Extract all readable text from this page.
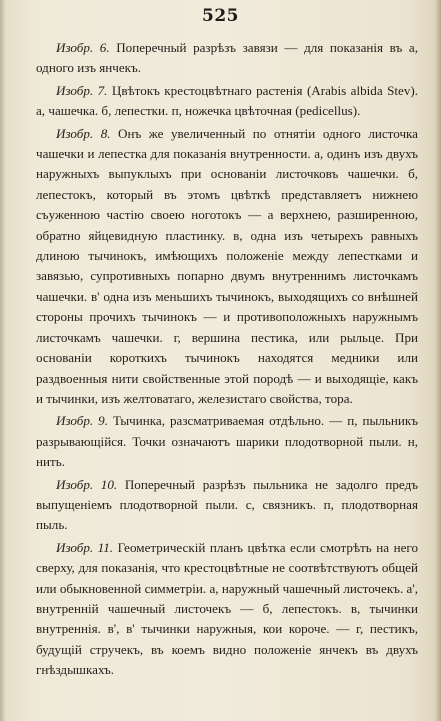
525

Изобр. 6. Поперечный разрѣзъ завязи — для показанія въ a, одного изъ янчекъ.

Изобр. 7. Цвѣтокъ крестоцвѣтнаго растенія (Arabis albida Stev). a, чашечка. б, лепестки. п, ножечка цвѣточная (pedicellus).

Изобр. 8. Онъ же увеличенный по отнятіи одного листочка чашечки и лепестка для показанія внутренности. a, одинъ изъ двухъ наружныхъ выпуклыхъ при основаніи листочковъ чашечки. б, лепестокъ, который въ этомъ цвѣткѣ представляетъ нижнею съуженною частію своею ноготокъ — а верхнею, разширенною, обратно яйцевидную пластинку. в, одна изъ четырехъ равныхъ длиною тычинокъ, имѣющихъ положеніе между лепестками и завязью, супротивныхъ попарно двумъ внутреннимъ листочкамъ чашечки. в' одна изъ меньшихъ тычинокъ, выходящихъ со внѣшней стороны прочихъ тычинокъ — и противоположныхъ наружнымъ листочкамъ чашечки. г, вершина пестика, или рыльце. При основаніи короткихъ тычинокъ находятся медники или раздвоенныя нити свойственные этой породѣ — и выходящіе, какъ и тычинки, изъ желтоватаго, железистаго свойства, тора.

Изобр. 9. Тычинка, разсматриваемая отдѣльно. — п, пыльникъ разрывающійся. Точки означаютъ шарики плодотворной пыли. н, нить.

Изобр. 10. Поперечный разрѣзъ пыльника не задолго предъ выпущеніемъ плодотворной пыли. с, связникъ. п, плодотворная пыль.

Изобр. 11. Геометрическій планъ цвѣтка если смотрѣть на него сверху, для показанія, что крестоцвѣтные не соотвѣтствуютъ общей или обыкновенной симметріи. a, наружный чашечный листочекъ. a', внутренній чашечный листочекъ — б, лепестокъ. в, тычинки внутреннія. в', в' тычинки наружныя, кои короче. — г, пестикъ, будущій стручекъ, въ коемъ видно положеніе янчекъ въ двухъ гнѣздышкахъ.
